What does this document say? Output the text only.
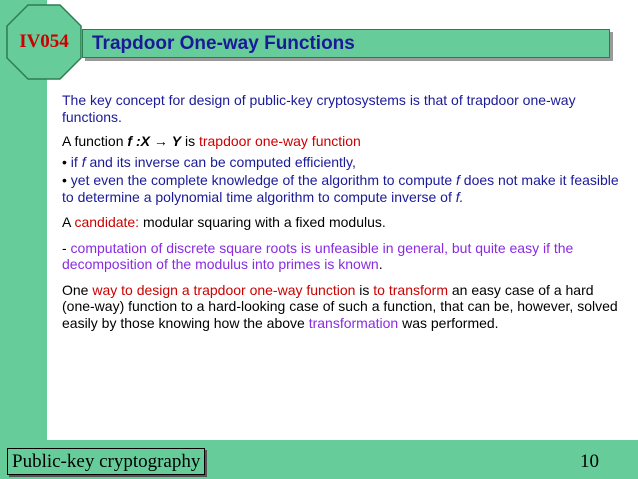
IV054	Trapdoor One-way Functions

The key concept for design of public-key cryptosystems is that of trapdoor one-way functions.

A function f :X → Y is trapdoor one-way function

• if f and its inverse can be computed efficiently,

• yet even the complete knowledge of the algorithm to compute f does not make it feasible to determine a polynomial time algorithm to compute inverse of f.

A candidate: modular squaring with a fixed modulus.

- computation of discrete square roots is unfeasible in general, but quite easy if the decomposition of the modulus into primes is known.

One way to design a trapdoor one-way function is to transform an easy case of a hard (one-way) function to a hard-looking case of such a function, that can be, however, solved easily by those knowing how the above transformation was performed.

Public-key cryptography	10
